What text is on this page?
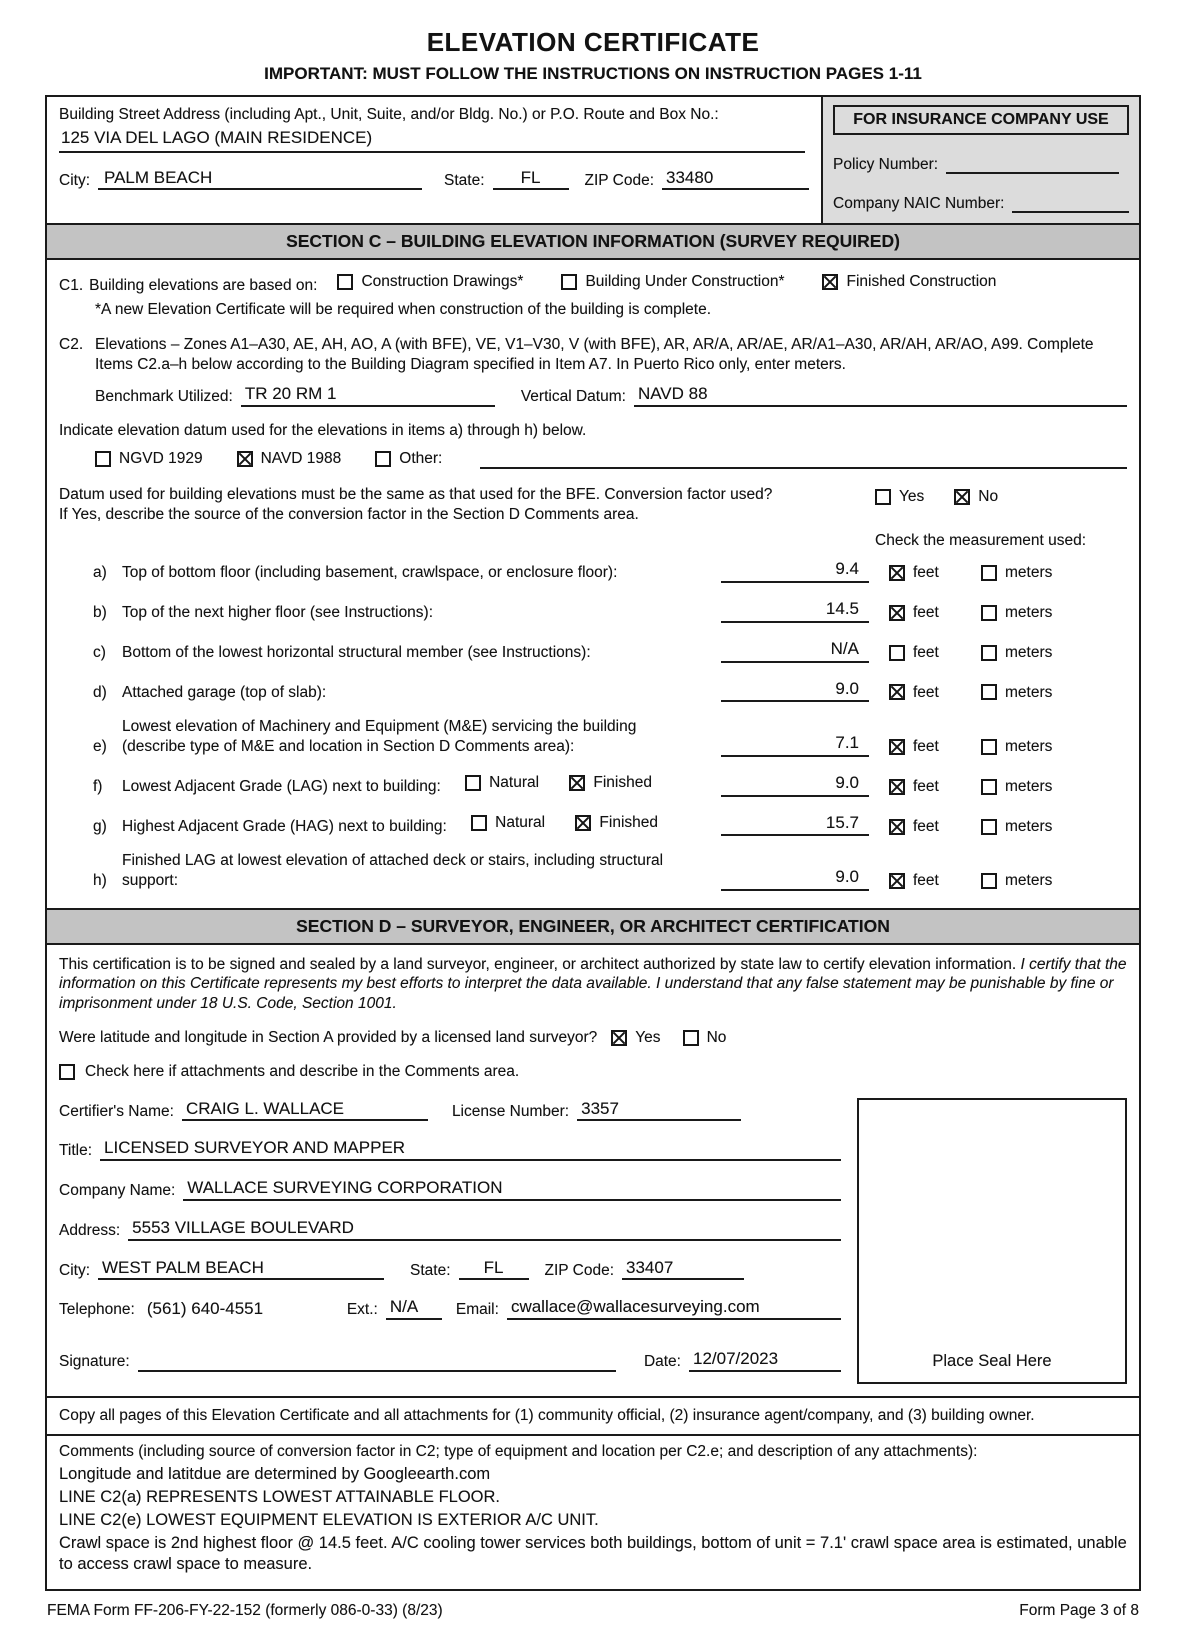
ELEVATION CERTIFICATE
IMPORTANT: MUST FOLLOW THE INSTRUCTIONS ON INSTRUCTION PAGES 1-11
Building Street Address (including Apt., Unit, Suite, and/or Bldg. No.) or P.O. Route and Box No.:
125 VIA DEL LAGO (MAIN RESIDENCE)
City: PALM BEACH	State:	FL	ZIP Code: 33480
FOR INSURANCE COMPANY USE
Policy Number:
Company NAIC Number:
SECTION C – BUILDING ELEVATION INFORMATION (SURVEY REQUIRED)
C1. Building elevations are based on:	Construction Drawings*	Building Under Construction*	Finished Construction
*A new Elevation Certificate will be required when construction of the building is complete.
C2. Elevations – Zones A1–A30, AE, AH, AO, A (with BFE), VE, V1–V30, V (with BFE), AR, AR/A, AR/AE, AR/A1–A30, AR/AH, AR/AO, A99. Complete Items C2.a–h below according to the Building Diagram specified in Item A7. In Puerto Rico only, enter meters.
Benchmark Utilized: TR 20 RM 1	Vertical Datum: NAVD 88
Indicate elevation datum used for the elevations in items a) through h) below.
NGVD 1929	NAVD 1988	Other:
Datum used for building elevations must be the same as that used for the BFE. Conversion factor used?
If Yes, describe the source of the conversion factor in the Section D Comments area.
Yes	No
Check the measurement used:
a) Top of bottom floor (including basement, crawlspace, or enclosure floor):	9.4	feet	meters
b) Top of the next higher floor (see Instructions):	14.5	feet	meters
c)	Bottom of the lowest horizontal structural member (see Instructions):	N/A	feet	meters
d) Attached garage (top of slab):	9.0	feet	meters
e)
Lowest elevation of Machinery and Equipment (M&E) servicing the building
(describe type of M&E and location in Section D Comments area):	7.1	feet	meters
f)	Lowest Adjacent Grade (LAG) next to building:	Natural
	Finished	9.0	feet	meters
g) Highest Adjacent Grade (HAG) next to building:	Natural
	Finished	15.7	feet	meters
h)
Finished LAG at lowest elevation of attached deck or stairs, including structural
support:	9.0	feet	meters
SECTION D – SURVEYOR, ENGINEER, OR ARCHITECT CERTIFICATION
This certification is to be signed and sealed by a land surveyor, engineer, or architect authorized by state law to certify elevation information. I certify that the information on this Certificate represents my best efforts to interpret the data available. I understand that any false statement may be punishable by fine or imprisonment under 18 U.S. Code, Section 1001.
Were latitude and longitude in Section A provided by a licensed land surveyor? Yes	No
Check here if attachments and describe in the Comments area.
Certifier's Name: CRAIG L. WALLACE	License Number: 3357
Title: LICENSED SURVEYOR AND MAPPER
Company Name: WALLACE SURVEYING CORPORATION
Address: 5553 VILLAGE BOULEVARD
City: WEST PALM BEACH	State:	FL	ZIP Code: 33407
Telephone: (561) 640-4551	Ext.: N/A	Email: cwallace@wallacesurveying.com
Signature:	Date: 12/07/2023	Place Seal Here
Copy all pages of this Elevation Certificate and all attachments for (1) community official, (2) insurance agent/company, and (3) building owner.
Comments (including source of conversion factor in C2; type of equipment and location per C2.e; and description of any attachments):
Longitude and latitdue are determined by Googleearth.com
LINE C2(a) REPRESENTS LOWEST ATTAINABLE FLOOR.
LINE C2(e) LOWEST EQUIPMENT ELEVATION IS EXTERIOR A/C UNIT.
Crawl space is 2nd highest floor @ 14.5 feet. A/C cooling tower services both buildings, bottom of unit = 7.1' crawl space area is estimated, unable to access crawl space to measure.
FEMA Form FF-206-FY-22-152 (formerly 086-0-33) (8/23)	Form Page 3 of 8
